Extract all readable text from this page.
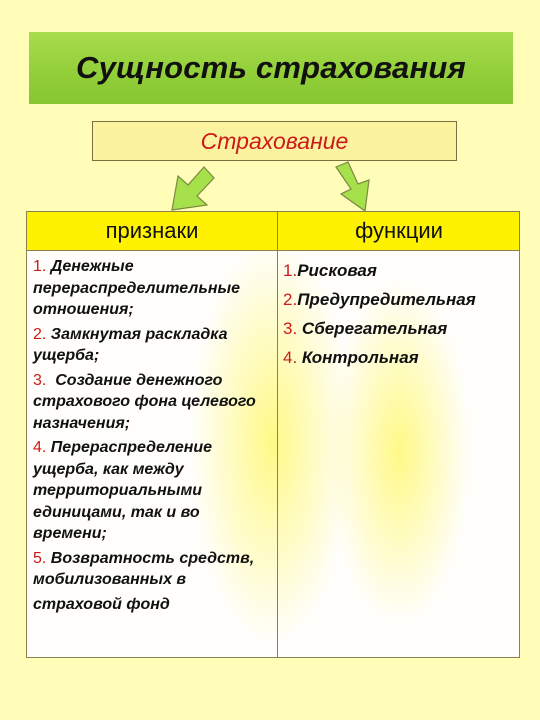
Сущность страхования
Страхование
признаки	функции

1. Денежные перераспределительные отношения;

2. Замкнутая раскладка ущерба;

3.  Создание денежного страхового фона целевого назначения;

4. Перераспределение ущерба, как между территориальными единицами, так и во времени;

5. Возвратность средств, мобилизованных в

страховой фонд

1.Рисковая
2.Предупредительная
3. Сберегательная
4. Контрольная
